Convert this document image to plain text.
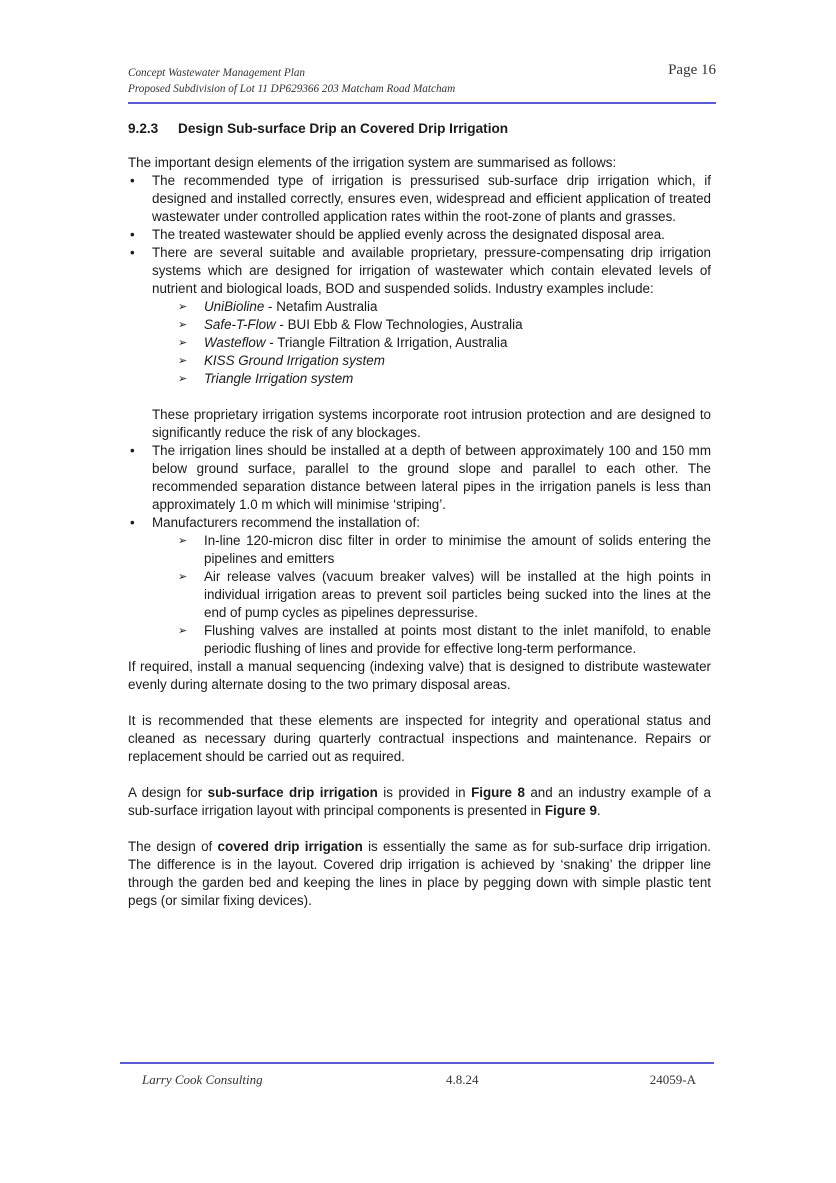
Concept Wastewater Management Plan
Proposed Subdivision of Lot 11 DP629366 203 Matcham Road Matcham
Page 16
9.2.3 Design Sub-surface Drip an Covered Drip Irrigation

The important design elements of the irrigation system are summarised as follows:

• The recommended type of irrigation is pressurised sub-surface drip irrigation which, if designed and installed correctly, ensures even, widespread and efficient application of treated wastewater under controlled application rates within the root-zone of plants and grasses.
• The treated wastewater should be applied evenly across the designated disposal area.
• There are several suitable and available proprietary, pressure-compensating drip irrigation systems which are designed for irrigation of wastewater which contain elevated levels of nutrient and biological loads, BOD and suspended solids. Industry examples include:
➢ UniBioline - Netafim Australia
➢ Safe-T-Flow - BUI Ebb & Flow Technologies, Australia
➢ Wasteflow - Triangle Filtration & Irrigation, Australia
➢ KISS Ground Irrigation system
➢ Triangle Irrigation system
These proprietary irrigation systems incorporate root intrusion protection and are designed to significantly reduce the risk of any blockages.
• The irrigation lines should be installed at a depth of between approximately 100 and 150 mm below ground surface, parallel to the ground slope and parallel to each other. The recommended separation distance between lateral pipes in the irrigation panels is less than approximately 1.0 m which will minimise ‘striping’.
• Manufacturers recommend the installation of:
➢ In-line 120-micron disc filter in order to minimise the amount of solids entering the pipelines and emitters
➢ Air release valves (vacuum breaker valves) will be installed at the high points in individual irrigation areas to prevent soil particles being sucked into the lines at the end of pump cycles as pipelines depressurise.
➢ Flushing valves are installed at points most distant to the inlet manifold, to enable periodic flushing of lines and provide for effective long-term performance.

If required, install a manual sequencing (indexing valve) that is designed to distribute wastewater evenly during alternate dosing to the two primary disposal areas.

It is recommended that these elements are inspected for integrity and operational status and cleaned as necessary during quarterly contractual inspections and maintenance. Repairs or replacement should be carried out as required.

A design for sub-surface drip irrigation is provided in Figure 8 and an industry example of a sub-surface irrigation layout with principal components is presented in Figure 9.

The design of covered drip irrigation is essentially the same as for sub-surface drip irrigation. The difference is in the layout. Covered drip irrigation is achieved by ‘snaking’ the dripper line through the garden bed and keeping the lines in place by pegging down with simple plastic tent pegs (or similar fixing devices).

Larry Cook Consulting	4.8.24	24059-A
